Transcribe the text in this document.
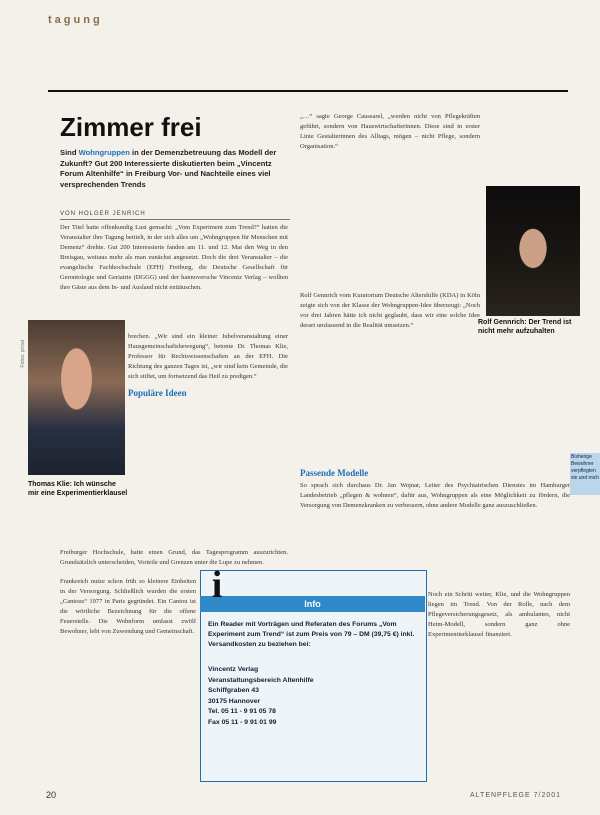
tagung
Zimmer frei
Sind Wohngruppen in der Demenzbetreuung das Modell der Zukunft? Gut 200 Interessierte diskutierten beim „Vincentz Forum Altenhilfe“ in Freiburg Vor- und Nachteile eines viel versprechenden Trends
VON HOLGER JENRICH
Der Titel hatte offenkundig Lust gemacht: „Vom Experiment zum Trend?“ hatten die Veranstalter ihre Tagung betitelt, in der sich alles um „Wohngruppen für Menschen mit Demenz“ drehte. Gut 200 Interessierte fanden am 11. und 12. Mai den Weg in den Breisgau, weitaus mehr als man zunächst angesetzt. Doch die drei Veranstalter – die evangelische Fachhochschule (EFH) Freiburg, die Deutsche Gesellschaft für Gerontologie und Geriatrie (DGGG) und der hannoversche Vincentz Verlag – wollten ihre Gäste aus dem In- und Ausland nicht enttäuschen.
Fotos: privat
brechen. „Wir sind ein kleiner Jubelveranstaltung einer Hausgemeinschaftsbewegung“, betonte Dr. Thomas Klie, Professor für Rechtswissenschaften an der EFH. Die Richtung des ganzen Tages ist, „wir sind kein Gemeinde, die sich stiftet, um fortsetzend das Heil zu predigen.“
Populäre Ideen
Thomas Klie: Ich wünsche mir eine Experimentierklausel
Freiburger Hochschule, hatte einen Grund, das Tagesprogramm auszurichten. Grundsätzlich unterscheiden, Vorteile und Grenzen unter die Lupe zu nehmen.
Frankreich nutze schon früh so kleinere Einheiten in der Versorgung. Schließlich wurden die ersten „Cantous“ 1977 in Paris gegründet. Ein Cantou ist die wörtliche Bezeichnung für die offene Feuerstelle. Die Wohnform umfasst zwölf Bewohner, lebt von Zuwendung und Gemeinschaft.
„…“ sagte George Caussarel, „werden nicht von Pflegekräften geführt, sondern von Hauswirtschafterinnen. Diese sind in erster Linie Gestalterinnen des Alltags, mögen – nicht Pflege, sondern Organisation.“
Rolf Gennrich: Der Trend ist nicht mehr aufzuhalten
Rolf Gennrich vom Kuratorium Deutsche Altershilfe (KDA) in Köln zeigte sich von der Klasse der Wohngruppen-Idee überzeugt: „Noch vor drei Jahren hätte ich nicht geglaubt, dass wir eine solche Idee derart umfassend in die Realität umsetzen.“
Passende Modelle
So sprach sich durchaus Dr. Jan Wojnar, Leiter des Psychiatrischen Dienstes im Hamburger Landesbetrieb „pflegen & wohnen“, dafür aus, Wohngruppen als eine Möglichkeit zu fördern, die Versorgung von Demenzkranken zu verbessern, ohne andere Modelle ganz auszuschließen.
Noch ein Schritt weiter, Klie, und die Wohngruppen liegen im Trend. Von der Rolle, nach dem Pflegeversicherungsgesetz, als ambulantes, nicht Heim-Modell, sondern ganz ohne Experimentierklausel finanziert.
Info
i
Ein Reader mit Vorträgen und Referaten des Forums „Vom Experiment zum Trend“ ist zum Preis von 79 – DM (39,75 €) inkl. Versandkosten zu beziehen bei:
Vincentz Verlag
Veranstaltungsbereich Altenhilfe
Schiffgraben 43
30175 Hannover
Tel. 05 11 - 9 91 05 78
Fax 05 11 - 9 91 01 99
Bisherige Bewohner verpflegten sie und mich
20	ALTENPFLEGE 7/2001
